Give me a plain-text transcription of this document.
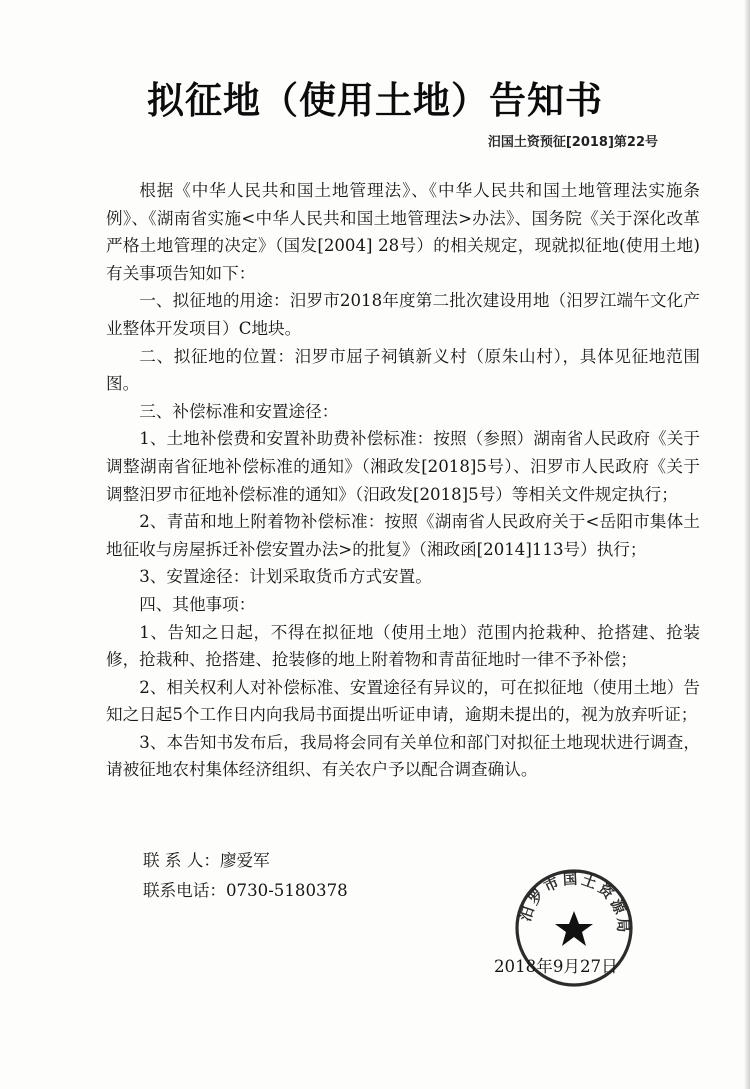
拟征地（使用土地）告知书
汨国土资预征[2018]第22号

根据《中华人民共和国土地管理法》、《中华人民共和国土地管理法实施条例》、《湖南省实施<中华人民共和国土地管理法>办法》、国务院《关于深化改革严格土地管理的决定》（国发[2004] 28号）的相关规定，现就拟征地(使用土地)有关事项告知如下：

一、拟征地的用途：汨罗市2018年度第二批次建设用地（汨罗江端午文化产业整体开发项目）C地块。

二、拟征地的位置：汨罗市屈子祠镇新义村（原朱山村），具体见征地范围图。

三、补偿标准和安置途径：

1、土地补偿费和安置补助费补偿标准：按照（参照）湖南省人民政府《关于调整湖南省征地补偿标准的通知》（湘政发[2018]5号）、汨罗市人民政府《关于调整汨罗市征地补偿标准的通知》（汨政发[2018]5号）等相关文件规定执行；

2、青苗和地上附着物补偿标准：按照《湖南省人民政府关于<岳阳市集体土地征收与房屋拆迁补偿安置办法>的批复》（湘政函[2014]113号）执行；

3、安置途径：计划采取货币方式安置。

四、其他事项：

1、告知之日起，不得在拟征地（使用土地）范围内抢栽种、抢搭建、抢装修，抢栽种、抢搭建、抢装修的地上附着物和青苗征地时一律不予补偿；

2、相关权利人对补偿标准、安置途径有异议的，可在拟征地（使用土地）告知之日起5个工作日内向我局书面提出听证申请，逾期未提出的，视为放弃听证；

3、本告知书发布后，我局将会同有关单位和部门对拟征土地现状进行调查，请被征地农村集体经济组织、有关农户予以配合调查确认。

联 系 人：廖爱军
联系电话：0730-5180378
2018年9月27日
汨罗市国土资源局
